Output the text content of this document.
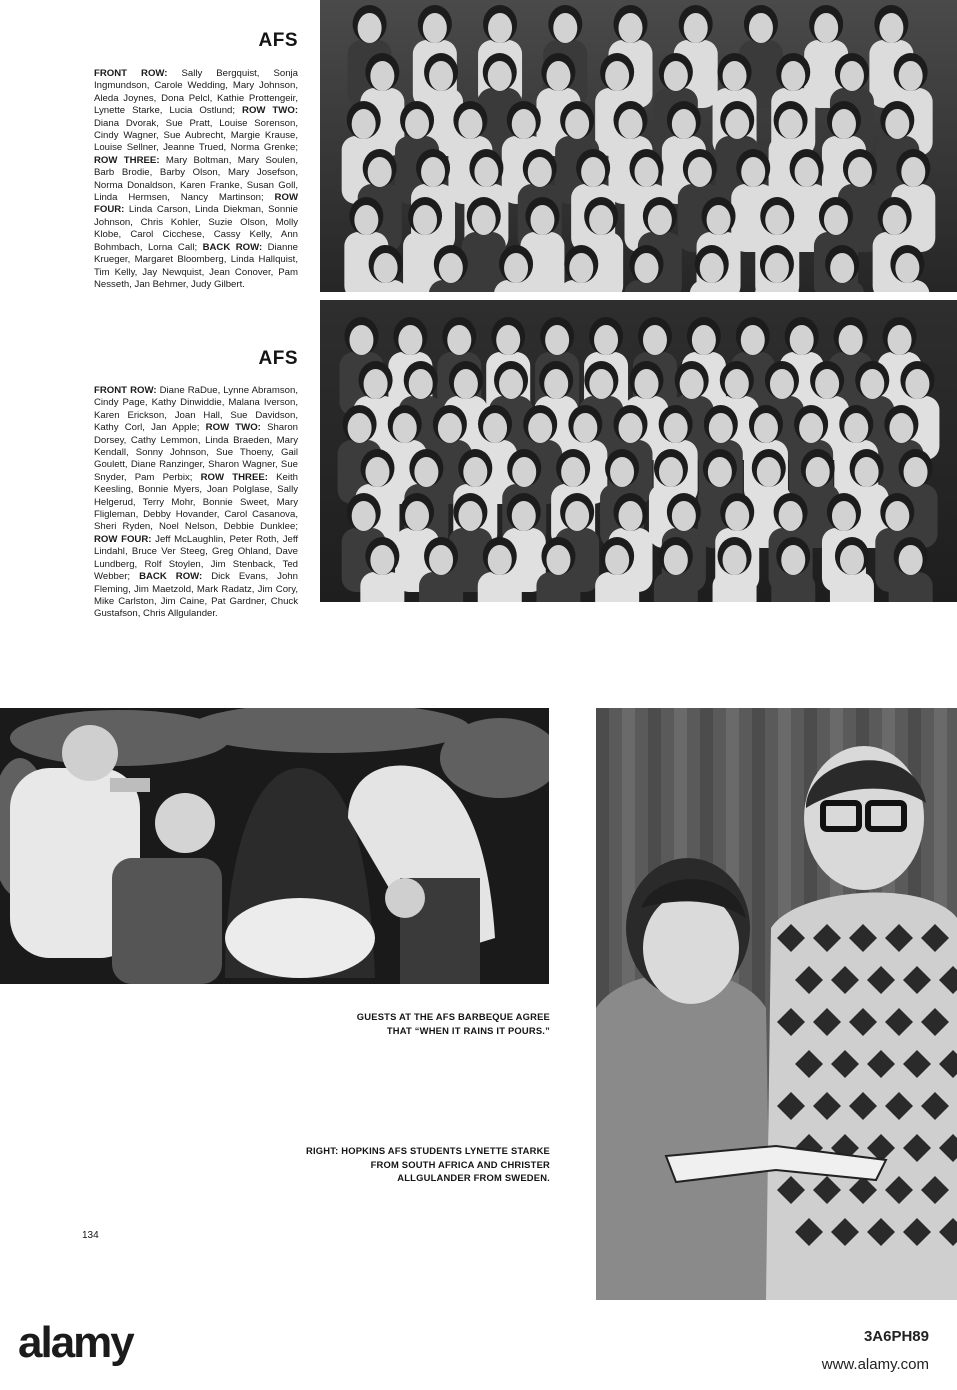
AFS
FRONT ROW: Sally Bergquist, Sonja Ingmundson, Carole Wedding, Mary Johnson, Aleda Joynes, Dona Pelcl, Kathie Prottengeir, Lynette Starke, Lucia Ostlund; ROW TWO: Diana Dvorak, Sue Pratt, Louise Sorenson, Cindy Wagner, Sue Aubrecht, Margie Krause, Louise Sellner, Jeanne Trued, Norma Grenke; ROW THREE: Mary Boltman, Mary Soulen, Barb Brodie, Barby Olson, Mary Josefson, Norma Donaldson, Karen Franke, Susan Goll, Linda Hermsen, Nancy Martinson; ROW FOUR: Linda Carson, Linda Diekman, Sonnie Johnson, Chris Kohler, Suzie Olson, Molly Klobe, Carol Cicchese, Cassy Kelly, Ann Bohmbach, Lorna Call; BACK ROW: Dianne Krueger, Margaret Bloomberg, Linda Hallquist, Tim Kelly, Jay Newquist, Jean Conover, Pam Nesseth, Jan Behmer, Judy Gilbert.
AFS
FRONT ROW: Diane RaDue, Lynne Abramson, Cindy Page, Kathy Dinwiddie, Malana Iverson, Karen Erickson, Joan Hall, Sue Davidson, Kathy Corl, Jan Apple; ROW TWO: Sharon Dorsey, Cathy Lemmon, Linda Braeden, Mary Kendall, Sonny Johnson, Sue Thoeny, Gail Goulett, Diane Ranzinger, Sharon Wagner, Sue Snyder, Pam Perbix; ROW THREE: Keith Keesling, Bonnie Myers, Joan Polglase, Sally Helgerud, Terry Mohr, Bonnie Sweet, Mary Fligleman, Debby Hovander, Carol Casanova, Sheri Ryden, Noel Nelson, Debbie Dunklee; ROW FOUR: Jeff McLaughlin, Peter Roth, Jeff Lindahl, Bruce Ver Steeg, Greg Ohland, Dave Lundberg, Rolf Stoylen, Jim Stenback, Ted Webber; BACK ROW: Dick Evans, John Fleming, Jim Maetzold, Mark Radatz, Jim Cory, Mike Carlston, Jim Caine, Pat Gardner, Chuck Gustafson, Chris Allgulander.
GUESTS AT THE AFS BARBEQUE AGREE THAT “WHEN IT RAINS IT POURS.”
RIGHT: HOPKINS AFS STUDENTS LYNETTE STARKE FROM SOUTH AFRICA AND CHRISTER ALLGULANDER FROM SWEDEN.
134
alamy	3A6PH89
www.alamy.com
